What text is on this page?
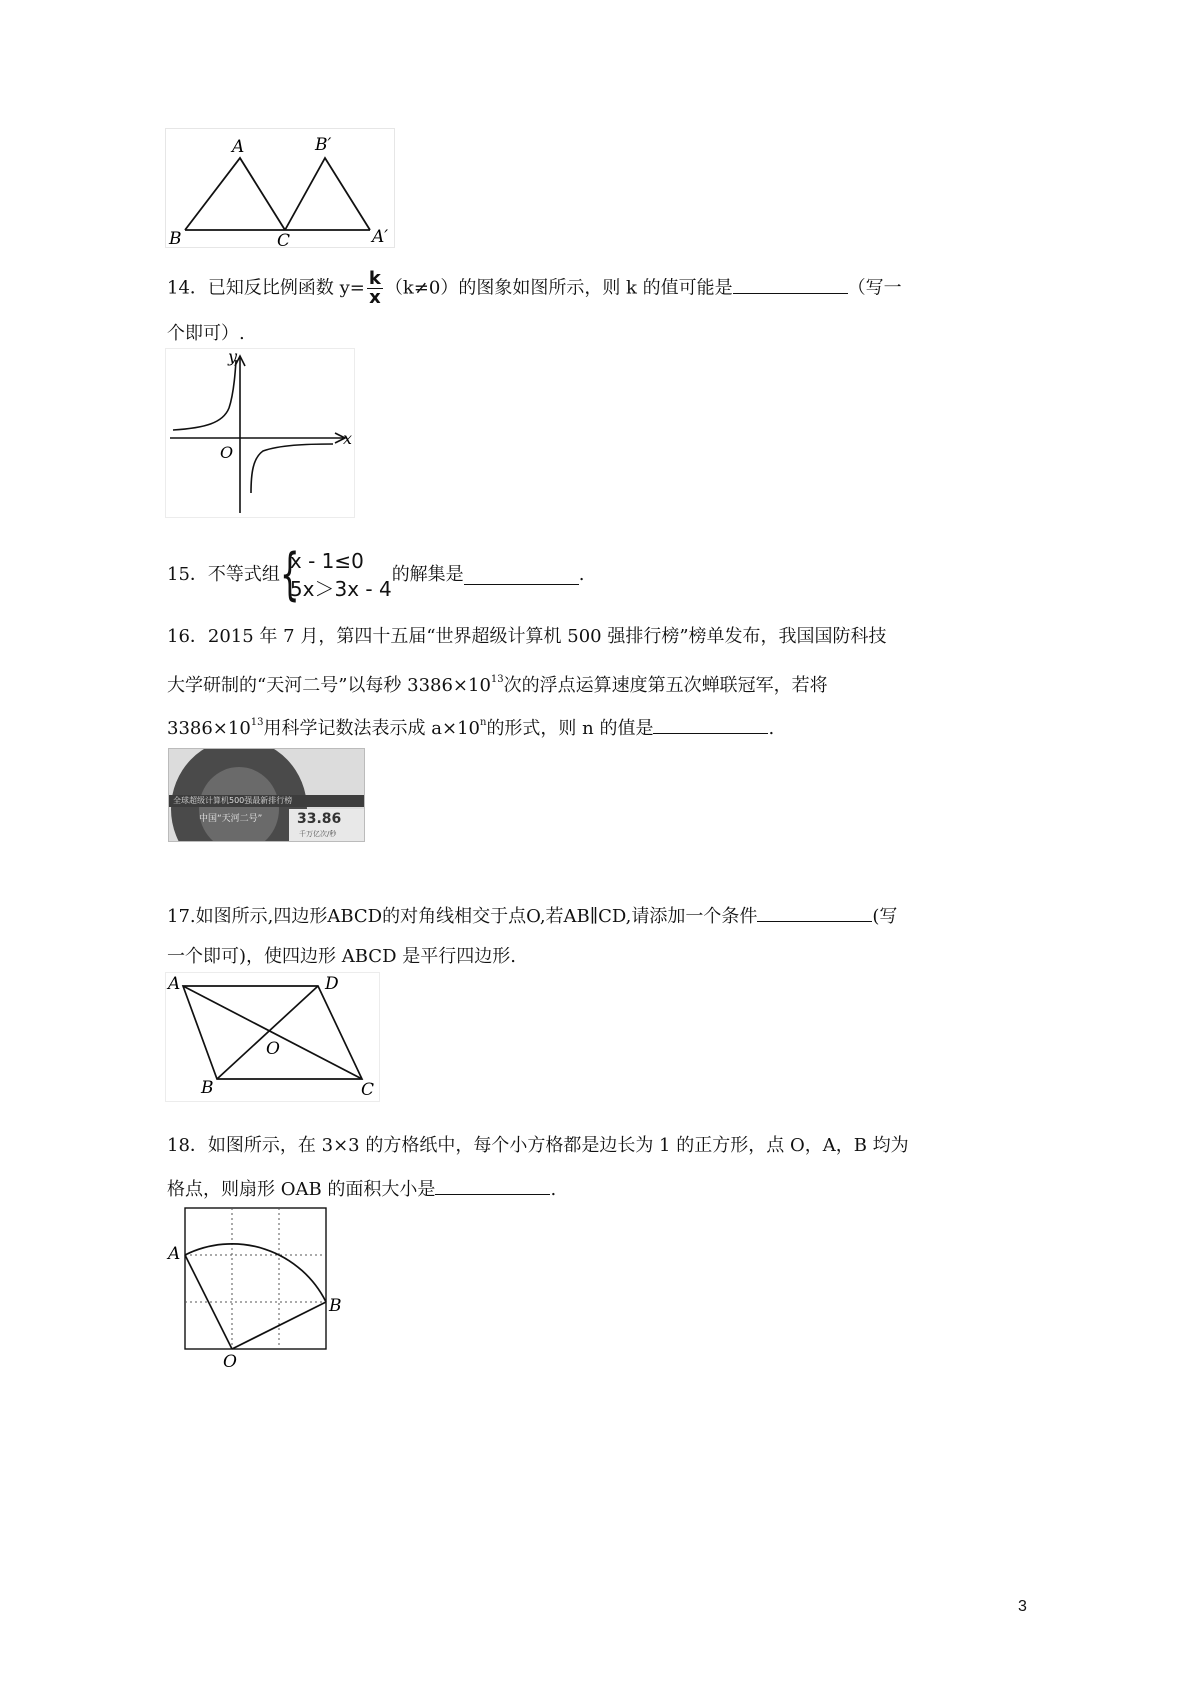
A
B	C
B′
A′
14．已知反比例函数 $y= \frac{k}{x} (k\ne 0)$的图象如图所示，则 k 的值可能是	（写一
个即可）.
y
x
O
15．不等式组 {
x - 1≤0
5x＞3x - 4
的解集是	.
16．2015 年 7 月，第四十五届“世界超级计算机 500 强排行榜”榜单发布，我国国防科技
大学研制的“天河二号”以每秒 $3386\times 10^{13}$次的浮点运算速度第五次蝉联冠军，若将
$3386\times 10^{13}$用科学记数法表示成 $a\times 10^n$的形式，则 n 的值是	.
全球超级计算机500强最新排行榜
中国“天河二号” 33.86
千万亿次/秒
17.如图所示,四边形ABCD的对角线相交于点O,若AB∥CD,请添加一个条件	(写
一个即可)，使四边形 ABCD 是平行四边形.
A	D
O
B	C
18．如图所示，在 3×3 的方格纸中，每个小方格都是边长为 1 的正方形，点 O，A，B 均为
格点，则扇形 OAB 的面积大小是	.
A
B
O
3
